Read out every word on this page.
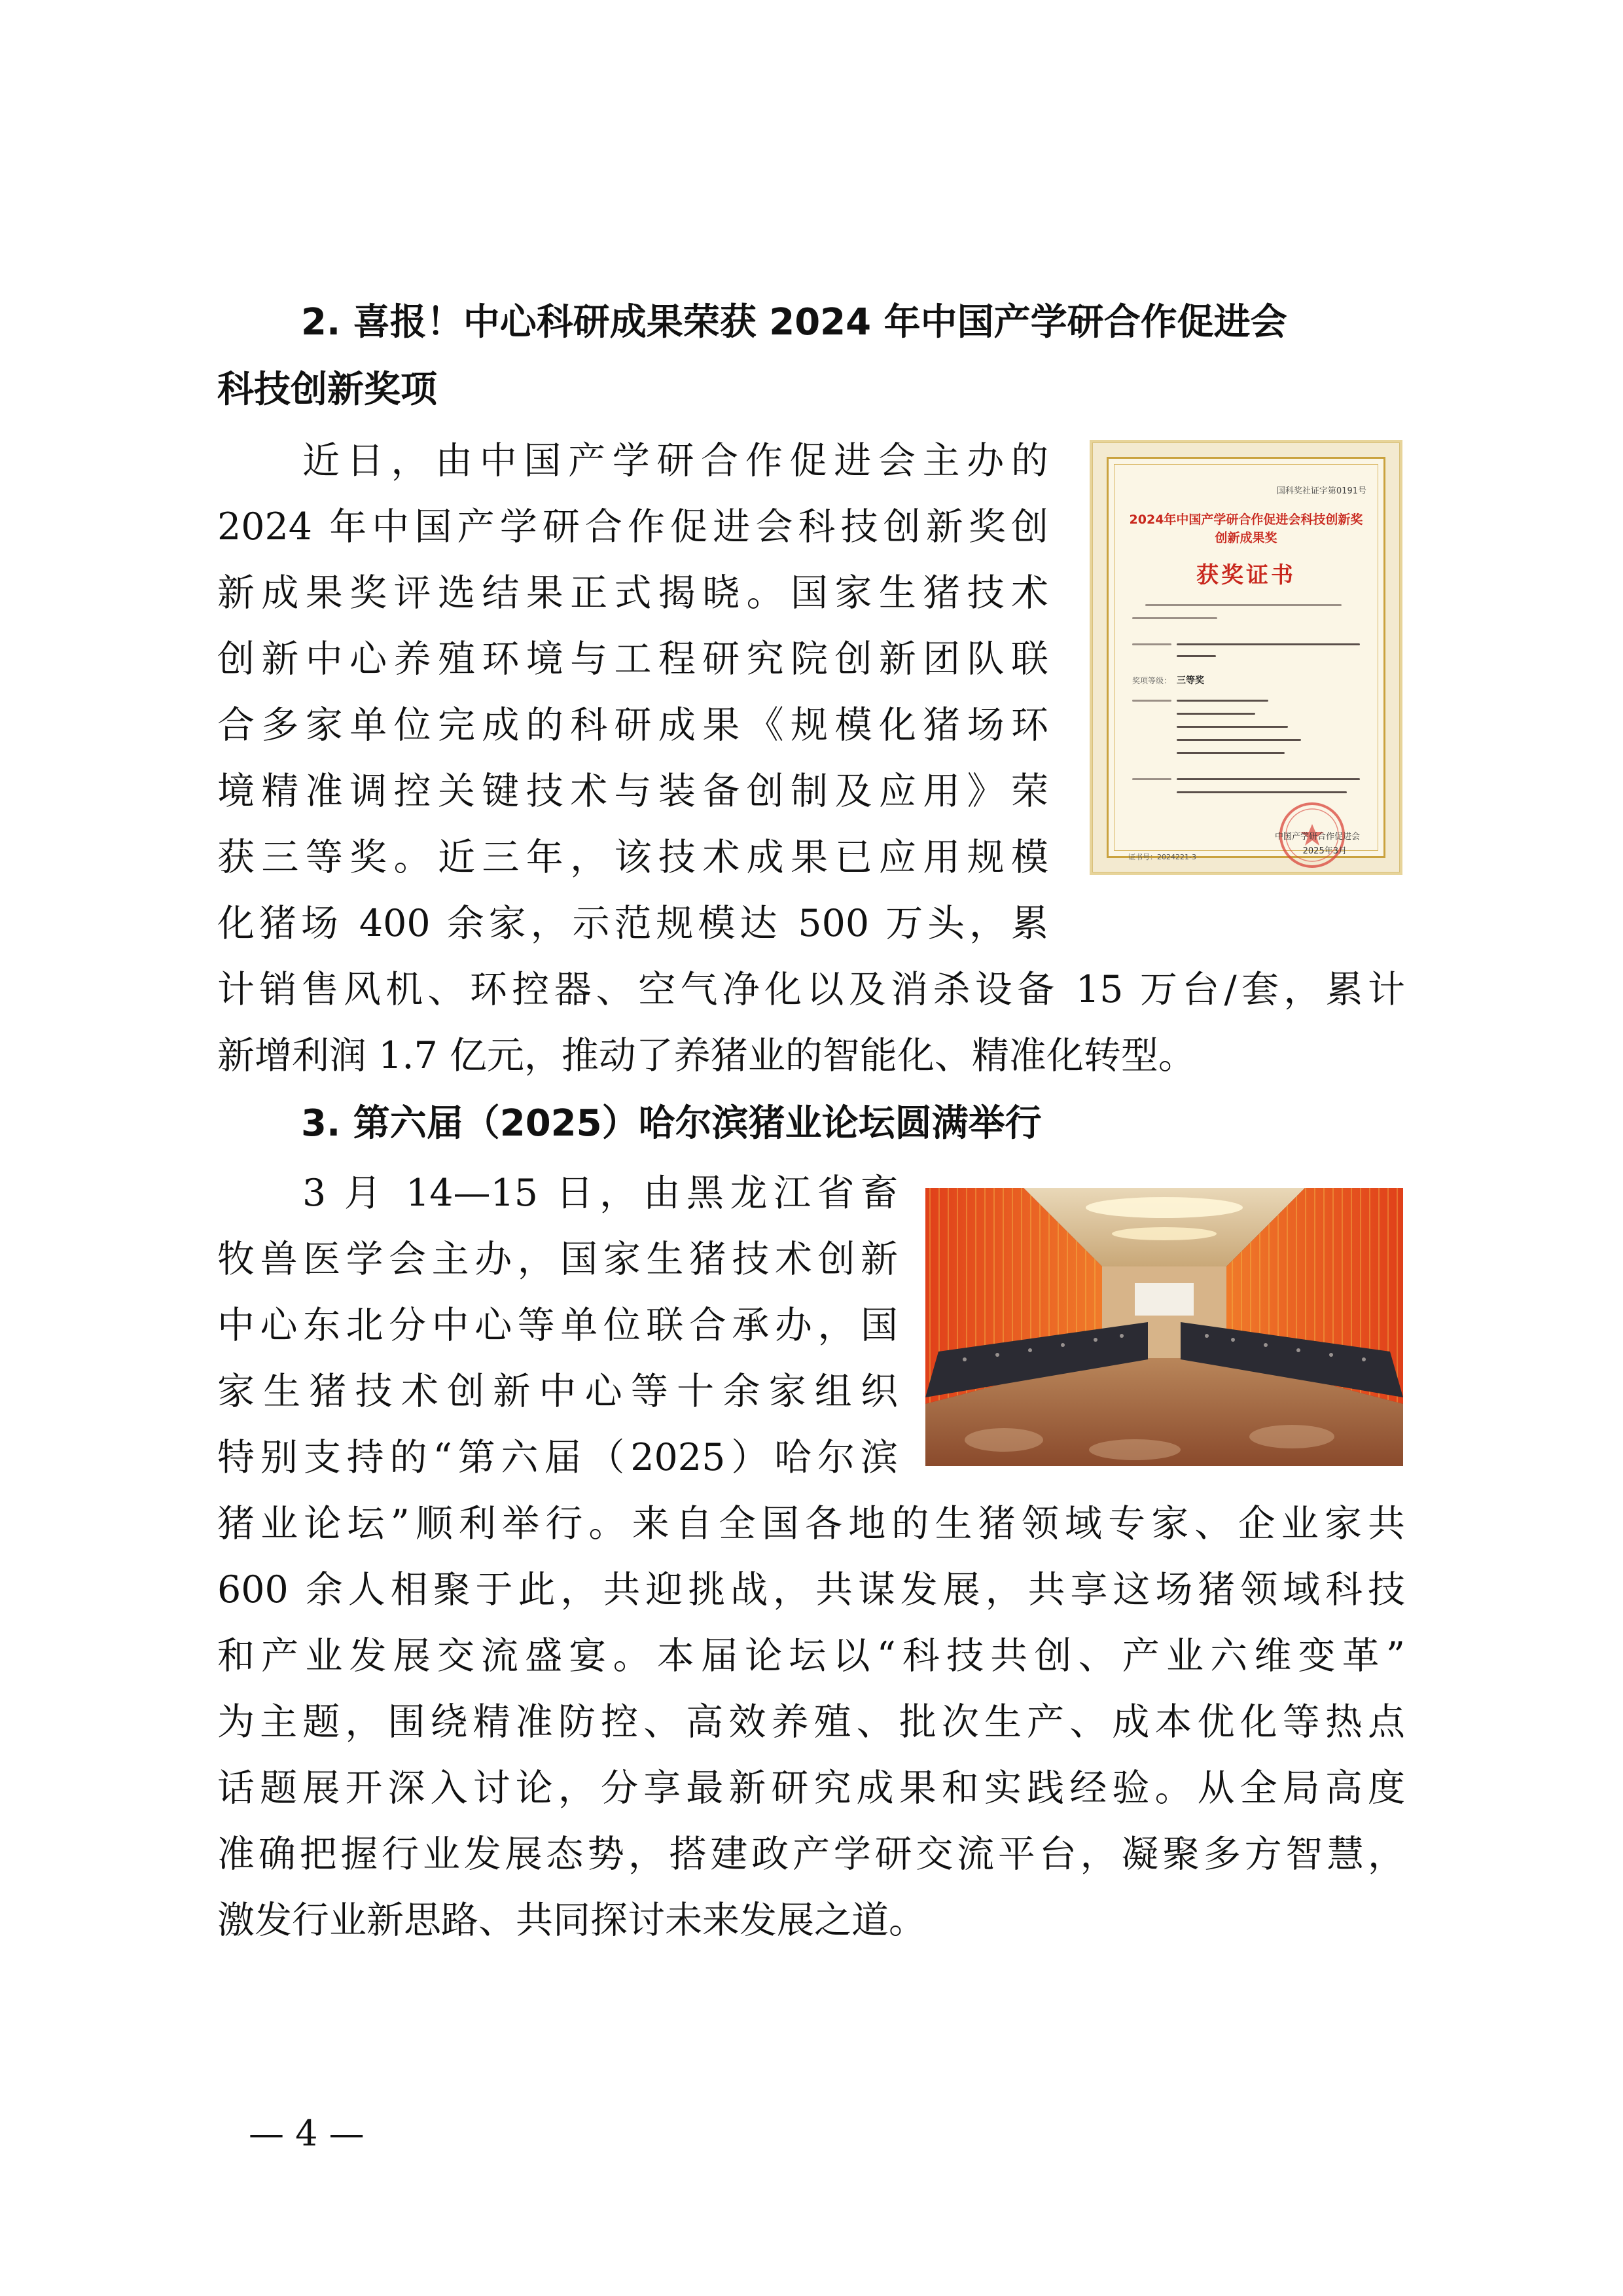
2. 喜报！中心科研成果荣获 2024 年中国产学研合作促进会
科技创新奖项
近日，由中国产学研合作促进会主办的
2024 年中国产学研合作促进会科技创新奖创
新成果奖评选结果正式揭晓。国家生猪技术
创新中心养殖环境与工程研究院创新团队联
合多家单位完成的科研成果《规模化猪场环
境精准调控关键技术与装备创制及应用》荣
获三等奖。近三年，该技术成果已应用规模
化猪场 400 余家，示范规模达 500 万头，累
计销售风机、环控器、空气净化以及消杀设备 15 万台/套，累计
新增利润 1.7 亿元，推动了养猪业的智能化、精准化转型。
国科奖社证字第0191号
2024年中国产学研合作促进会科技创新奖
创新成果奖
获奖证书
奖项等级： 三等奖
中国产学研合作促进会
2025年3月
证书号：2024221-3
3. 第六届（2025）哈尔滨猪业论坛圆满举行
3 月 14—15 日，由黑龙江省畜
牧兽医学会主办，国家生猪技术创新
中心东北分中心等单位联合承办，国
家生猪技术创新中心等十余家组织
特别支持的“第六届（2025）哈尔滨
猪业论坛”顺利举行。来自全国各地的生猪领域专家、企业家共
600 余人相聚于此，共迎挑战，共谋发展，共享这场猪领域科技
和产业发展交流盛宴。本届论坛以“科技共创、产业六维变革”
为主题，围绕精准防控、高效养殖、批次生产、成本优化等热点
话题展开深入讨论，分享最新研究成果和实践经验。从全局高度
准确把握行业发展态势，搭建政产学研交流平台，凝聚多方智慧，
激发行业新思路、共同探讨未来发展之道。
— 4 —
